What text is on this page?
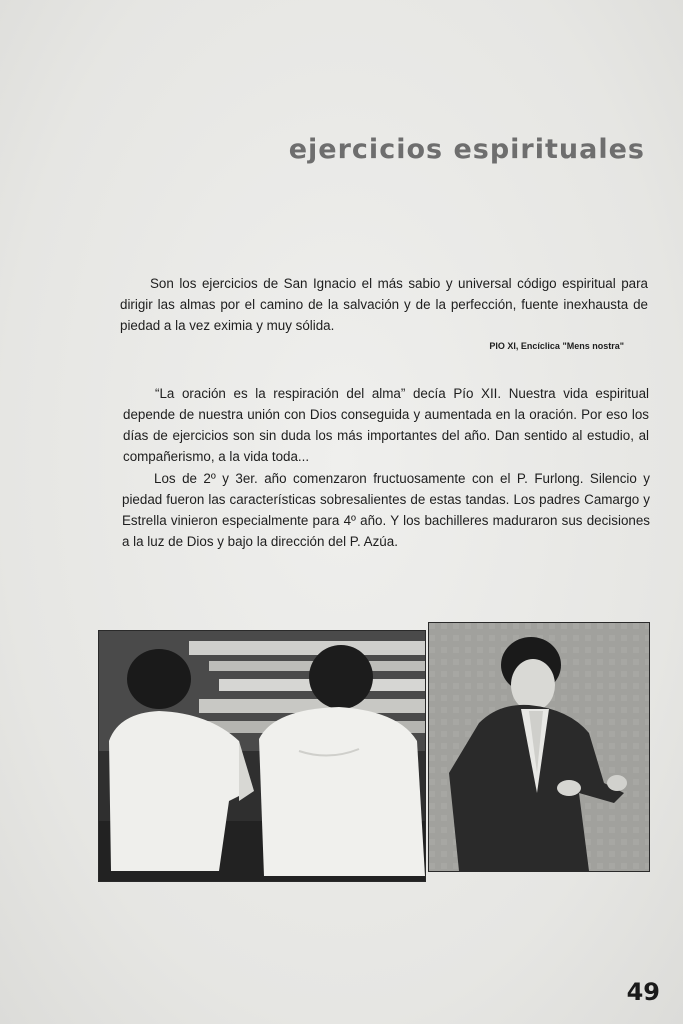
ejercicios espirituales

Son los ejercicios de San Ignacio el más sabio y universal código espiritual para dirigir las almas por el camino de la salvación y de la perfección, fuente inexhausta de piedad a la vez eximia y muy sólida.

PIO XI, Encíclica "Mens nostra"

“La oración es la respiración del alma” decía Pío XII. Nuestra vida espiritual depende de nuestra unión con Dios conseguida y aumentada en la oración. Por eso los días de ejercicios son sin duda los más importantes del año. Dan sentido al estudio, al compañerismo, a la vida toda...

Los de 2º y 3er. año comenzaron fructuosamente con el P. Furlong. Silencio y piedad fueron las características sobresalientes de estas tandas. Los padres Camargo y Estrella vinieron especialmente para 4º año. Y los bachilleres maduraron sus decisiones a la luz de Dios y bajo la dirección del P. Azúa.

49
